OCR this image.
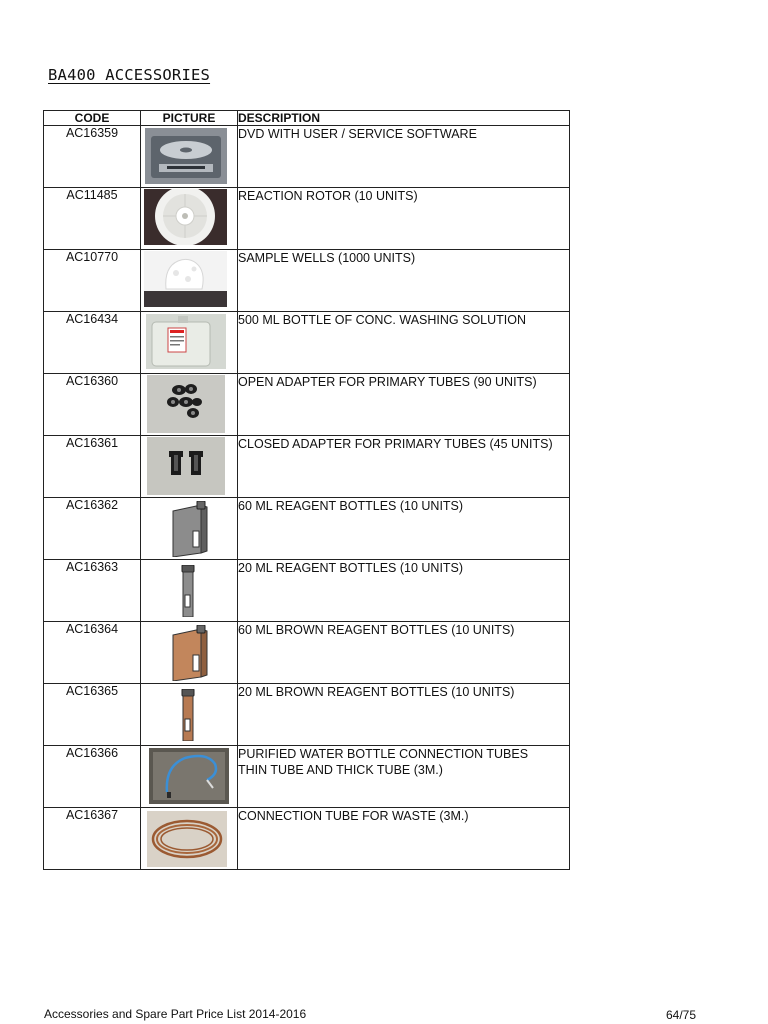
BA400 ACCESSORIES
CODE	PICTURE	DESCRIPTION
AC16359		DVD WITH USER / SERVICE SOFTWARE
AC11485		REACTION ROTOR (10 UNITS)
AC10770		SAMPLE WELLS (1000 UNITS)
AC16434		500 ML BOTTLE OF CONC. WASHING SOLUTION
AC16360		OPEN ADAPTER FOR PRIMARY TUBES (90 UNITS)
AC16361		CLOSED ADAPTER FOR PRIMARY TUBES (45 UNITS)
AC16362		60 ML REAGENT BOTTLES (10 UNITS)
AC16363		20 ML REAGENT BOTTLES (10 UNITS)
AC16364		60 ML BROWN REAGENT BOTTLES (10 UNITS)
AC16365		20 ML BROWN REAGENT BOTTLES (10 UNITS)
AC16366		PURIFIED WATER BOTTLE CONNECTION TUBES
THIN TUBE AND THICK TUBE (3M.)

AC16367		CONNECTION TUBE FOR WASTE (3M.)
Accessories and Spare Part Price List 2014-2016	64/75
